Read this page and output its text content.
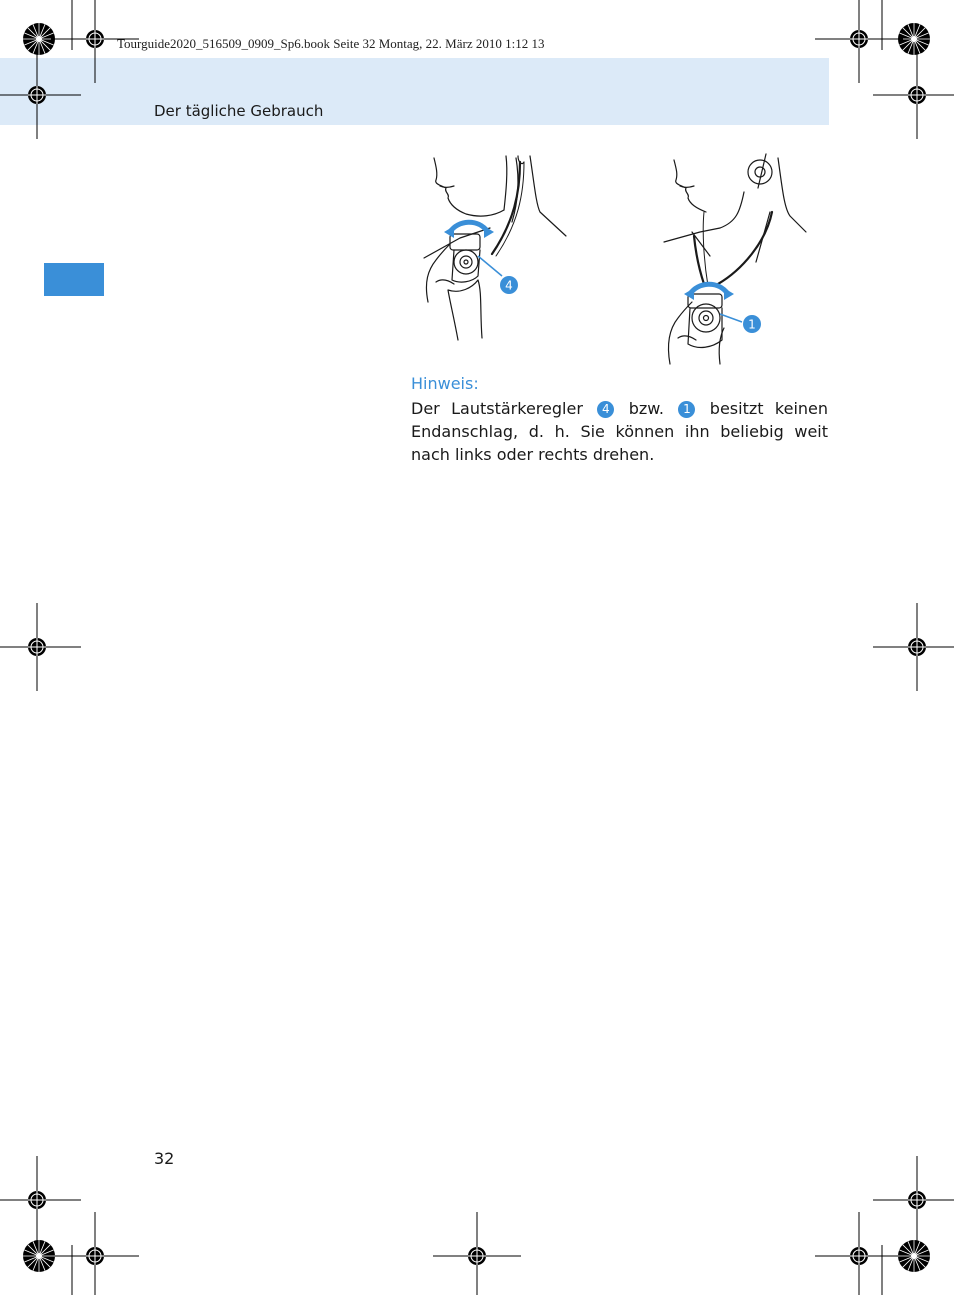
Tourguide2020_516509_0909_Sp6.book Seite 32 Montag, 22. März 2010 1:12 13
Der tägliche Gebrauch
4
1
Hinweis:
Der Lautstärkeregler 4 bzw. 1 besitzt keinen Endanschlag, d. h. Sie können ihn beliebig weit nach links oder rechts drehen.
32
